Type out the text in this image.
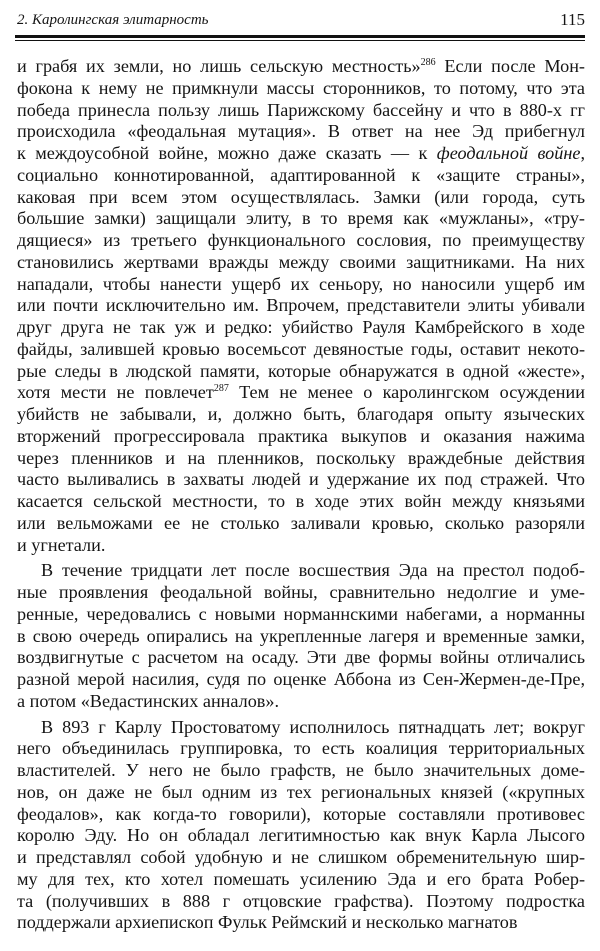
2. Каролингская элитарность	115
и грабя их земли, но лишь сельскую местность»$^{286}$ Если после Мон-
фокона к нему не примкнули массы сторонников, то потому, что эта
победа принесла пользу лишь Парижскому бассейну и что в 880-х гг
происходила «феодальная мутация». В ответ на нее Эд прибегнул
к междоусобной войне, можно даже сказать — к феодальной войне,
социально коннотированной, адаптированной к «защите страны»,
каковая при всем этом осуществлялась. Замки (или города, суть
большие замки) защищали элиту, в то время как «мужланы», «тру-
дящиеся» из третьего функционального сословия, по преимуществу
становились жертвами вражды между своими защитниками. На них
нападали, чтобы нанести ущерб их сеньору, но наносили ущерб им
или почти исключительно им. Впрочем, представители элиты убивали
друг друга не так уж и редко: убийство Рауля Камбрейского в ходе
файды, залившей кровью восемьсот девяностые годы, оставит некото-
рые следы в людской памяти, которые обнаружатся в одной «жесте»,
хотя мести не повлечет$^{287}$ Тем не менее о каролингском осуждении
убийств не забывали, и, должно быть, благодаря опыту языческих
вторжений прогрессировала практика выкупов и оказания нажима
через пленников и на пленников, поскольку враждебные действия
часто выливались в захваты людей и удержание их под стражей. Что
касается сельской местности, то в ходе этих войн между князьями
или вельможами ее не столько заливали кровью, сколько разоряли
и угнетали.
В течение тридцати лет после восшествия Эда на престол подоб-
ные проявления феодальной войны, сравнительно недолгие и уме-
ренные, чередовались с новыми норманнскими набегами, а норманны
в свою очередь опирались на укрепленные лагеря и временные замки,
воздвигнутые с расчетом на осаду. Эти две формы войны отличались
разной мерой насилия, судя по оценке Аббона из Сен-Жермен-де-Пре,
а потом «Ведастинских анналов».
В 893 г Карлу Простоватому исполнилось пятнадцать лет; вокруг
него объединилась группировка, то есть коалиция территориальных
властителей. У него не было графств, не было значительных доме-
нов, он даже не был одним из тех региональных князей («крупных
феодалов», как когда-то говорили), которые составляли противовес
королю Эду. Но он обладал легитимностью как внук Карла Лысого
и представлял собой удобную и не слишком обременительную шир-
му для тех, кто хотел помешать усилению Эда и его брата Робер-
та (получивших в 888 г отцовские графства). Поэтому подростка
поддержали архиепископ Фульк Реймский и несколько магнатов
